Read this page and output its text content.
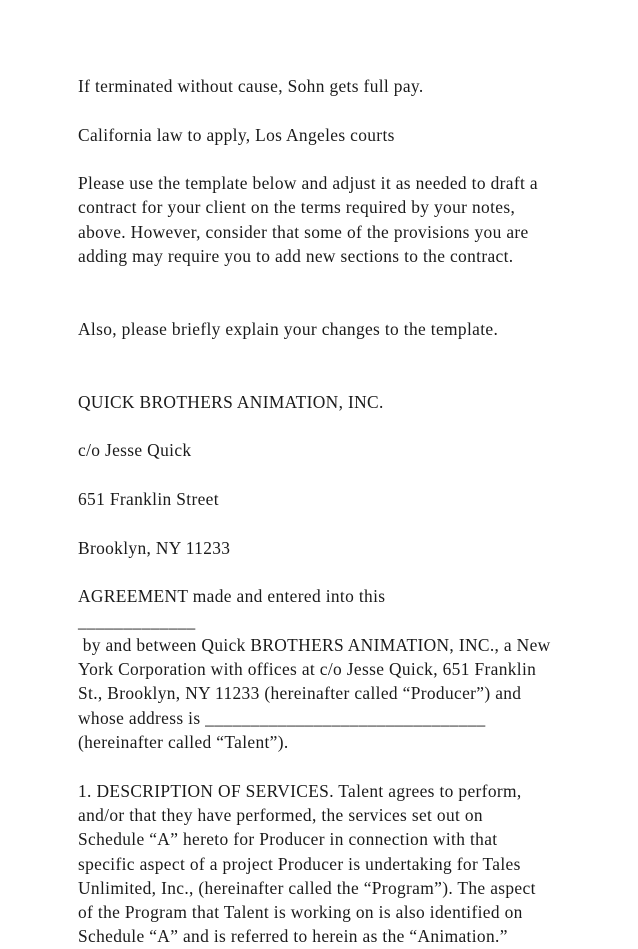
If terminated without cause, Sohn gets full pay.

California law to apply, Los Angeles courts

Please use the template below and adjust it as needed to draft a

contract for your client on the terms required by your notes,

above. However, consider that some of the provisions you are

adding may require you to add new sections to the contract.

Also, please briefly explain your changes to the template.

QUICK BROTHERS ANIMATION, INC.

c/o Jesse Quick

651 Franklin Street

Brooklyn, NY 11233

AGREEMENT made and entered into this

_____________

by and between Quick BROTHERS ANIMATION, INC., a New

York Corporation with offices at c/o Jesse Quick, 651 Franklin

St., Brooklyn, NY 11233 (hereinafter called “Producer”) and

whose address is _______________________________

(hereinafter called “Talent”).

1. DESCRIPTION OF SERVICES. Talent agrees to perform,

and/or that they have performed, the services set out on

Schedule “A” hereto for Producer in connection with that

specific aspect of a project Producer is undertaking for Tales

Unlimited, Inc., (hereinafter called the “Program”). The aspect

of the Program that Talent is working on is also identified on

Schedule “A” and is referred to herein as the “Animation.”
